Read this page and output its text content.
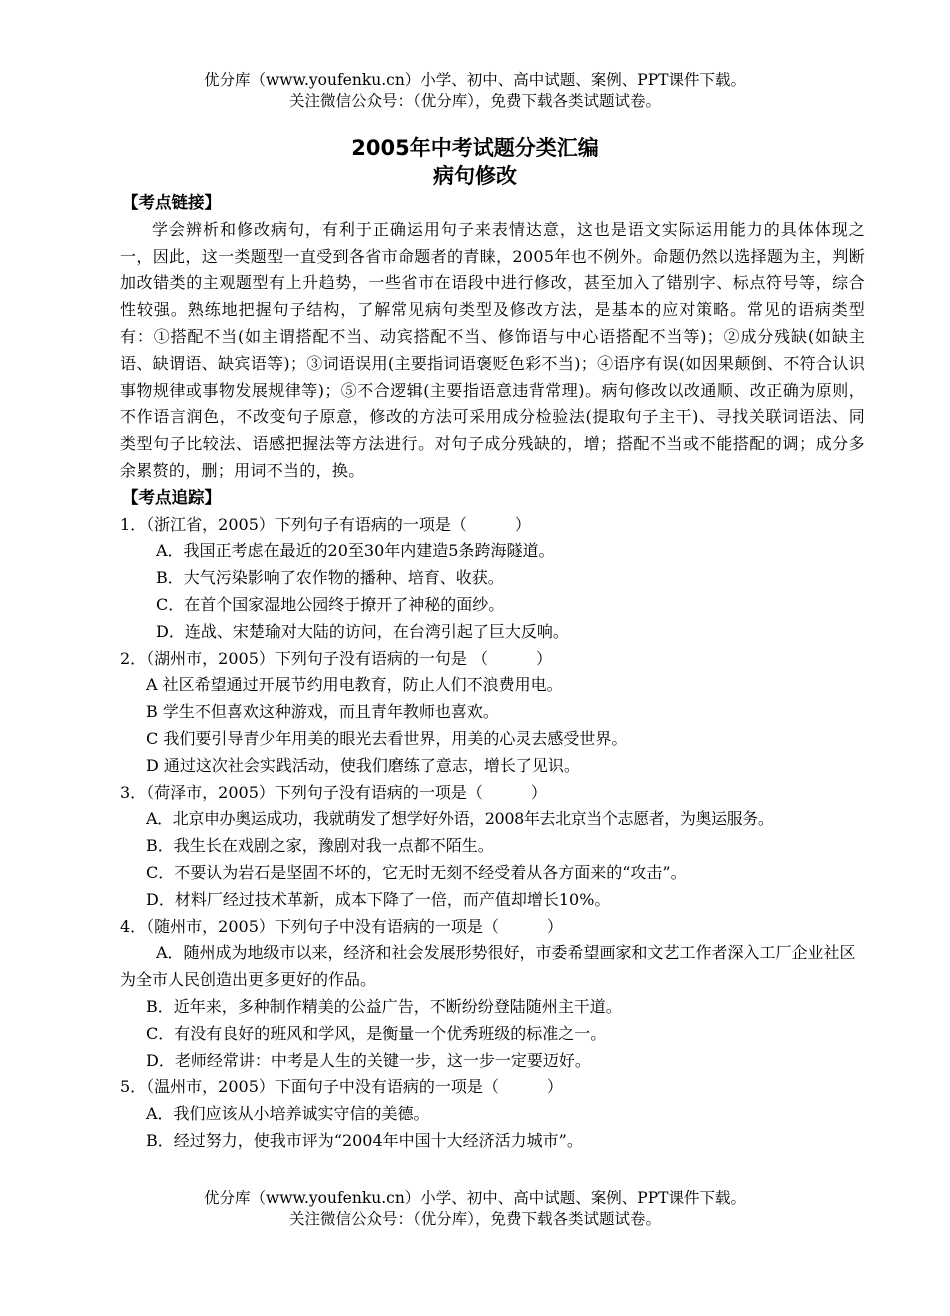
优分库（www.youfenku.cn）小学、初中、高中试题、案例、PPT课件下载。
关注微信公众号：（优分库），免费下载各类试题试卷。
2005年中考试题分类汇编
病句修改
【考点链接】
学会辨析和修改病句，有利于正确运用句子来表情达意，这也是语文实际运用能力的具体体现之一，因此，这一类题型一直受到各省市命题者的青睐，2005年也不例外。命题仍然以选择题为主，判断加改错类的主观题型有上升趋势，一些省市在语段中进行修改，甚至加入了错别字、标点符号等，综合性较强。熟练地把握句子结构，了解常见病句类型及修改方法，是基本的应对策略。常见的语病类型有：①搭配不当(如主谓搭配不当、动宾搭配不当、修饰语与中心语搭配不当等)；②成分残缺(如缺主语、缺谓语、缺宾语等)；③词语误用(主要指词语褒贬色彩不当)；④语序有误(如因果颠倒、不符合认识事物规律或事物发展规律等)；⑤不合逻辑(主要指语意违背常理)。病句修改以改通顺、改正确为原则，不作语言润色，不改变句子原意，修改的方法可采用成分检验法(提取句子主干)、寻找关联词语法、同类型句子比较法、语感把握法等方法进行。对句子成分残缺的，增；搭配不当或不能搭配的调；成分多余累赘的，删；用词不当的，换。
【考点追踪】
1．（浙江省，2005）下列句子有语病的一项是（　　　）
A．我国正考虑在最近的20至30年内建造5条跨海隧道。
B．大气污染影响了农作物的播种、培育、收获。
C．在首个国家湿地公园终于撩开了神秘的面纱。
D．连战、宋楚瑜对大陆的访问，在台湾引起了巨大反响。
2．（湖州市，2005）下列句子没有语病的一句是 （　　　）
A 社区希望通过开展节约用电教育，防止人们不浪费用电。
B 学生不但喜欢这种游戏，而且青年教师也喜欢。
C 我们要引导青少年用美的眼光去看世界，用美的心灵去感受世界。
D 通过这次社会实践活动，使我们磨练了意志，增长了见识。
3．（荷泽市，2005）下列句子没有语病的一项是（　　　）
A．北京申办奥运成功，我就萌发了想学好外语，2008年去北京当个志愿者，为奥运服务。
B．我生长在戏剧之家，豫剧对我一点都不陌生。
C．不要认为岩石是坚固不坏的，它无时无刻不经受着从各方面来的“攻击”。
D．材料厂经过技术革新，成本下降了一倍，而产值却增长10%。
4．（随州市，2005）下列句子中没有语病的一项是（　　　）
A．随州成为地级市以来，经济和社会发展形势很好，市委希望画家和文艺工作者深入工厂企业社区为全市人民创造出更多更好的作品。
B．近年来，多种制作精美的公益广告，不断纷纷登陆随州主干道。
C．有没有良好的班风和学风，是衡量一个优秀班级的标准之一。
D．老师经常讲：中考是人生的关键一步，这一步一定要迈好。
5．（温州市，2005）下面句子中没有语病的一项是（　　　）
A．我们应该从小培养诚实守信的美德。
B．经过努力，使我市评为“2004年中国十大经济活力城市”。
优分库（www.youfenku.cn）小学、初中、高中试题、案例、PPT课件下载。
关注微信公众号：（优分库），免费下载各类试题试卷。
